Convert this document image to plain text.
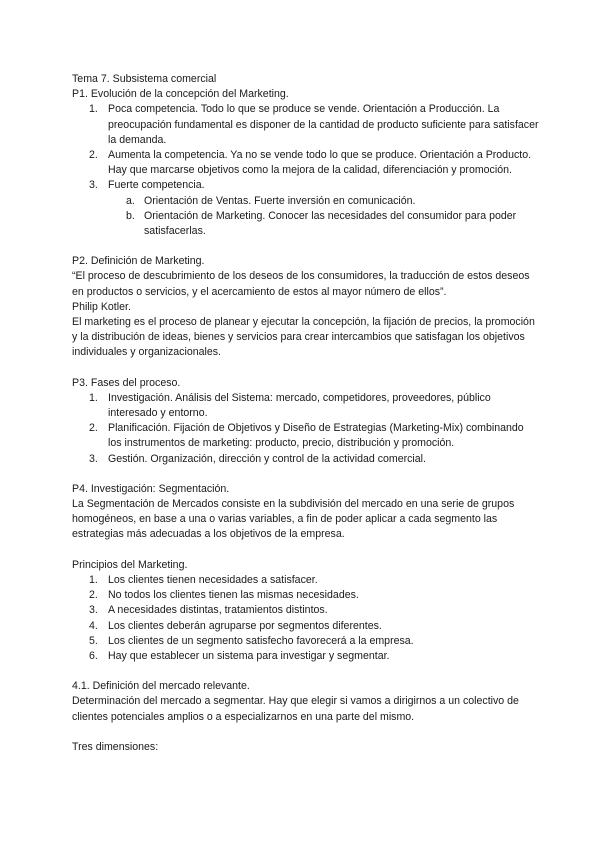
Tema 7. Subsistema comercial

P1. Evolución de la concepción del Marketing.

1. Poca competencia. Todo lo que se produce se vende. Orientación a Producción. La preocupación fundamental es disponer de la cantidad de producto suficiente para satisfacer la demanda.
2. Aumenta la competencia. Ya no se vende todo lo que se produce. Orientación a Producto. Hay que marcarse objetivos como la mejora de la calidad, diferenciación y promoción.
3. Fuerte competencia.
a. Orientación de Ventas. Fuerte inversión en comunicación.
b. Orientación de Marketing. Conocer las necesidades del consumidor para poder satisfacerlas.

P2. Definición de Marketing.

“El proceso de descubrimiento de los deseos de los consumidores, la traducción de estos deseos en productos o servicios, y el acercamiento de estos al mayor número de ellos”.

Philip Kotler.

El marketing es el proceso de planear y ejecutar la concepción, la fijación de precios, la promoción y la distribución de ideas, bienes y servicios para crear intercambios que satisfagan los objetivos individuales y organizacionales.

P3. Fases del proceso.

1. Investigación. Análisis del Sistema: mercado, competidores, proveedores, público interesado y entorno.
2. Planificación. Fijación de Objetivos y Diseño de Estrategias (Marketing-Mix) combinando los instrumentos de marketing: producto, precio, distribución y promoción.
3. Gestión. Organización, dirección y control de la actividad comercial.

P4. Investigación: Segmentación.

La Segmentación de Mercados consiste en la subdivisión del mercado en una serie de grupos homogéneos, en base a una o varias variables, a fin de poder aplicar a cada segmento las estrategias más adecuadas a los objetivos de la empresa.

Principios del Marketing.

1. Los clientes tienen necesidades a satisfacer.
2. No todos los clientes tienen las mismas necesidades.
3. A necesidades distintas, tratamientos distintos.
4. Los clientes deberán agruparse por segmentos diferentes.
5. Los clientes de un segmento satisfecho favorecerá a la empresa.
6. Hay que establecer un sistema para investigar y segmentar.

4.1. Definición del mercado relevante.

Determinación del mercado a segmentar. Hay que elegir si vamos a dirigirnos a un colectivo de clientes potenciales amplios o a especializarnos en una parte del mismo.

Tres dimensiones:
